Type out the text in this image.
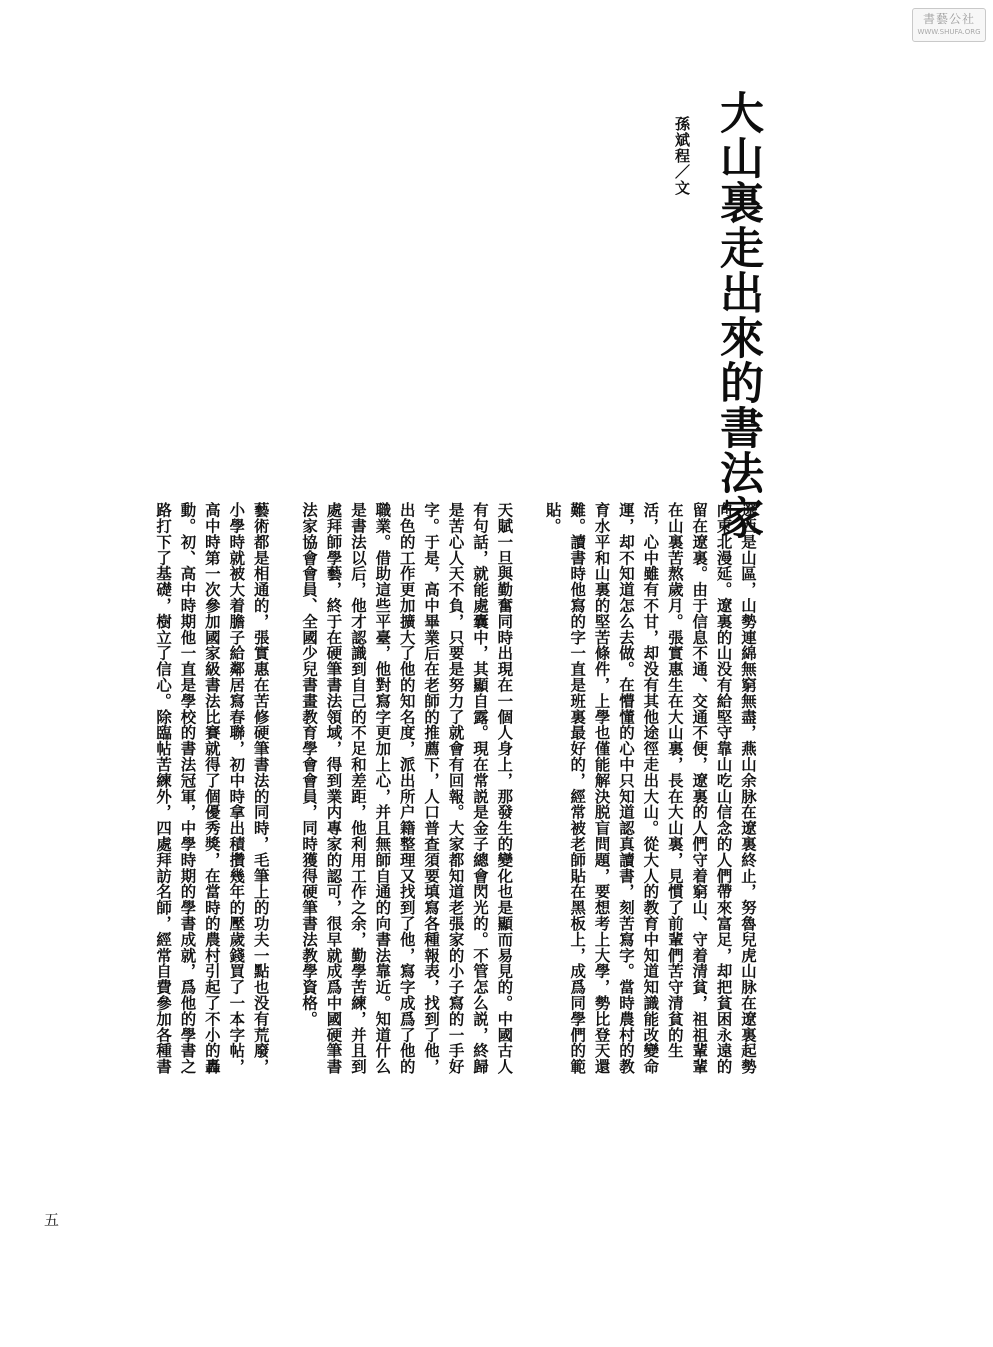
書藝公社
WWW.SHUFA.ORG
大山裏走出來的書法家
孫斌程／文

遼西是山區，山勢連綿無窮無盡，燕山余脉在遼裏終止，努魯兒虎山脉在遼裏起勢向東北漫延。遼裏的山没有給堅守靠山吃山信念的人們帶來富足，却把貧困永遠的留在遼裏。由于信息不通、交通不便，遼裏的人們守着窮山、守着清貧，祖祖輩輩在山裏苦熬歲月。張實惠生在大山裏，長在大山裏，見慣了前輩們苦守清貧的生活，心中雖有不甘，却没有其他途徑走出大山。從大人的教育中知道知識能改變命運，却不知道怎么去做。在懵懂的心中只知道認真讀書，刻苦寫字。當時農村的教育水平和山裏的堅苦條件，上學也僅能解決脱盲問題，要想考上大學，勢比登天還難。讀書時他寫的字一直是班裏最好的，經常被老師貼在黑板上，成爲同學們的範貼。

天賦一旦與勤奮同時出現在一個人身上，那發生的變化也是顯而易見的。中國古人有句話，就能處囊中，其顯自露。現在常説是金子總會閃光的。不管怎么説，終歸是苦心人天不負，只要是努力了就會有回報。大家都知道老張家的小子寫的一手好字。于是，高中畢業后在老師的推薦下，人口普查須要填寫各種報表，找到了他，出色的工作更加擴大了他的知名度，派出所户籍整理又找到了他，寫字成爲了他的職業。借助這些平臺，他對寫字更加上心，并且無師自通的向書法靠近。知道什么是書法以后，他才認識到自己的不足和差距，他利用工作之余，勤學苦練，并且到處拜師學藝，終于在硬筆書法領域，得到業内專家的認可，很早就成爲中國硬筆書法家協會會員、全國少兒書畫教育學會會員，同時獲得硬筆書法教學資格。

藝術都是相通的，張實惠在苦修硬筆書法的同時，毛筆上的功夫一點也没有荒廢，小學時就被大着膽子給鄰居寫春聯，初中時拿出積攢幾年的壓歲錢買了一本字帖，高中時第一次參加國家級書法比賽就得了個優秀獎，在當時的農村引起了不小的轟動。初、高中時期他一直是學校的書法冠軍，中學時期的學書成就，爲他的學書之路打下了基礎，樹立了信心。除臨帖苦練外，四處拜訪名師，經常自費參加各種書

五
